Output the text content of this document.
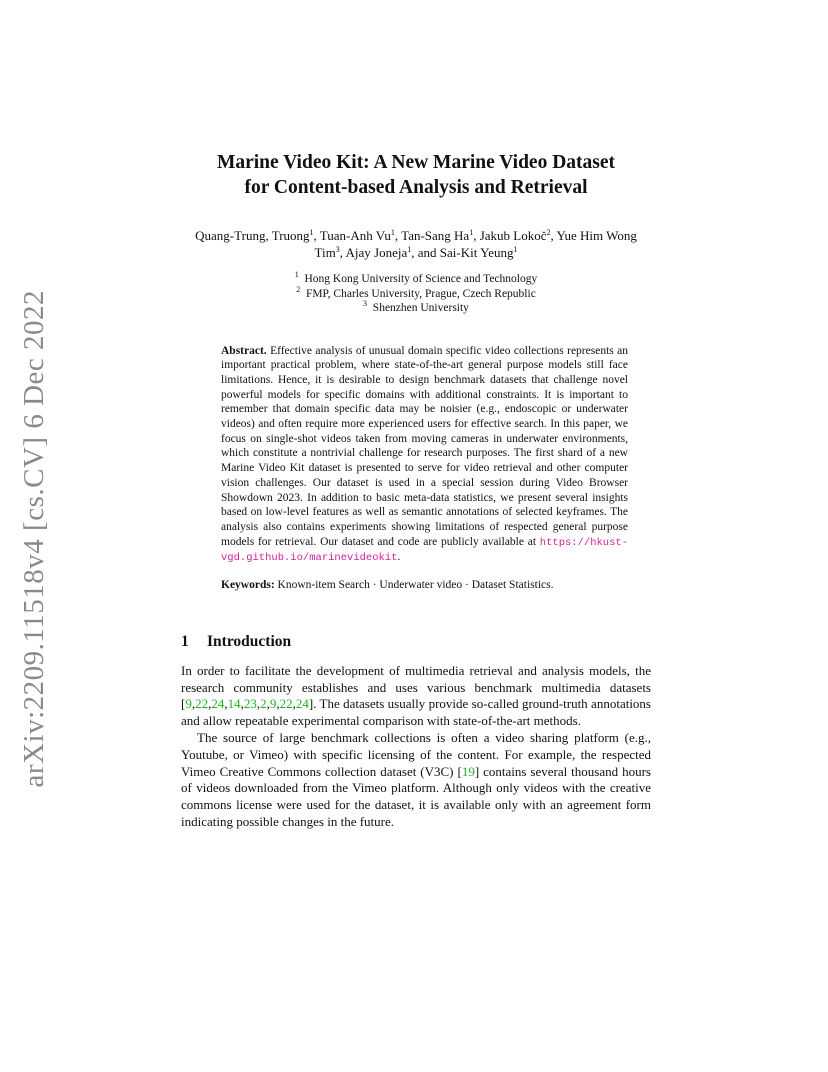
arXiv:2209.11518v4 [cs.CV] 6 Dec 2022
Marine Video Kit: A New Marine Video Dataset
for Content-based Analysis and Retrieval
Quang-Trung, Truong$^1$, Tuan-Anh Vu$^1$, Tan-Sang Ha$^1$, Jakub Lokoč$^2$, Yue Him Wong Tim$^3$, Ajay Joneja$^1$, and Sai-Kit Yeung$^1$
$^1$  Hong Kong University of Science and Technology
$^2$  FMP, Charles University, Prague, Czech Republic
$^3$  Shenzhen University
Abstract. Effective analysis of unusual domain specific video collections represents an important practical problem, where state-of-the-art general purpose models still face limitations. Hence, it is desirable to design benchmark datasets that challenge novel powerful models for specific domains with additional constraints. It is important to remember that domain specific data may be noisier (e.g., endoscopic or underwater videos) and often require more experienced users for effective search. In this paper, we focus on single-shot videos taken from moving cameras in underwater environments, which constitute a nontrivial challenge for research purposes. The first shard of a new Marine Video Kit dataset is presented to serve for video retrieval and other computer vision challenges. Our dataset is used in a special session during Video Browser Showdown 2023. In addition to basic meta-data statistics, we present several insights based on low-level features as well as semantic annotations of selected keyframes. The analysis also contains experiments showing limitations of respected general purpose models for retrieval. Our dataset and code are publicly available at https://hkust-vgd.github.io/marinevideokit.
Keywords: Known-item Search · Underwater video · Dataset Statistics.
1 Introduction

In order to facilitate the development of multimedia retrieval and analysis models, the research community establishes and uses various benchmark multimedia datasets [9,22,24,14,23,2,9,22,24]. The datasets usually provide so-called ground-truth annotations and allow repeatable experimental comparison with state-of-the-art methods.

The source of large benchmark collections is often a video sharing platform (e.g., Youtube, or Vimeo) with specific licensing of the content. For example, the respected Vimeo Creative Commons collection dataset (V3C) [19] contains several thousand hours of videos downloaded from the Vimeo platform. Although only videos with the creative commons license were used for the dataset, it is available only with an agreement form indicating possible changes in the future.
